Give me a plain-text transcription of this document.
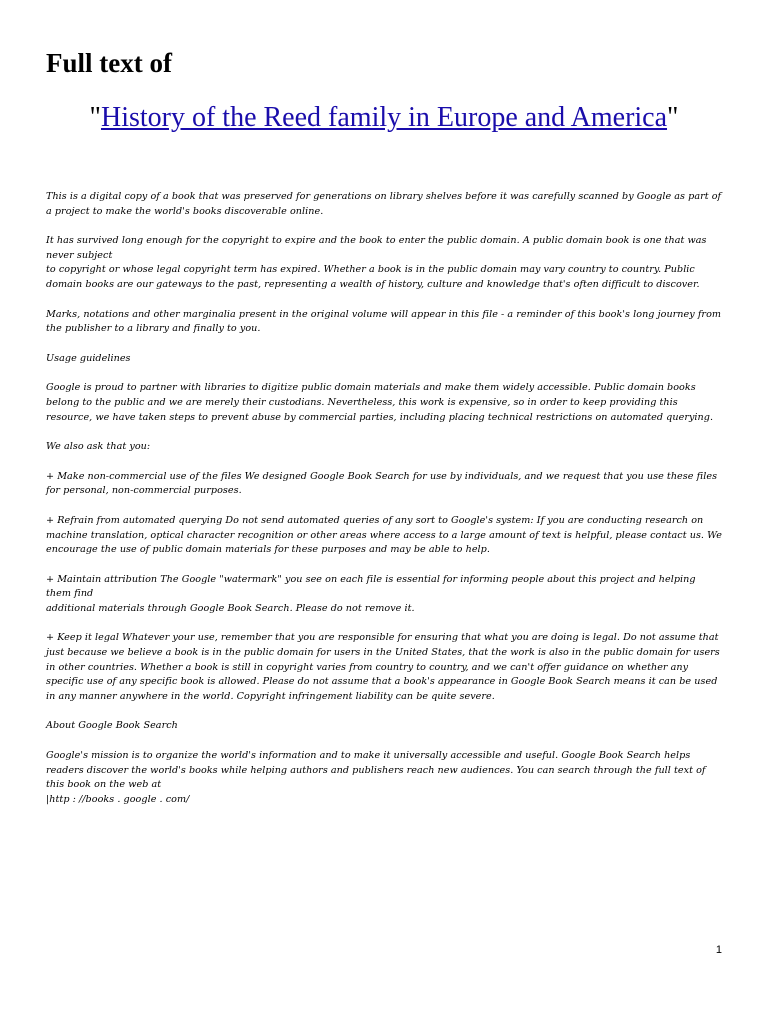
Full text of
"History of the Reed family in Europe and America"

This is a digital copy of a book that was preserved for generations on library shelves before it was carefully scanned by Google as part of a project to make the world's books discoverable online.

It has survived long enough for the copyright to expire and the book to enter the public domain. A public domain book is one that was never subject

to copyright or whose legal copyright term has expired. Whether a book is in the public domain may vary country to country. Public domain books are our gateways to the past, representing a wealth of history, culture and knowledge that's often difficult to discover.

Marks, notations and other marginalia present in the original volume will appear in this file - a reminder of this book's long journey from the publisher to a library and finally to you.

Usage guidelines

Google is proud to partner with libraries to digitize public domain materials and make them widely accessible. Public domain books belong to the public and we are merely their custodians. Nevertheless, this work is expensive, so in order to keep providing this resource, we have taken steps to prevent abuse by commercial parties, including placing technical restrictions on automated querying.

We also ask that you:

+ Make non-commercial use of the files We designed Google Book Search for use by individuals, and we request that you use these files for personal, non-commercial purposes.

+ Refrain from automated querying Do not send automated queries of any sort to Google's system: If you are conducting research on machine translation, optical character recognition or other areas where access to a large amount of text is helpful, please contact us. We encourage the use of public domain materials for these purposes and may be able to help.

+ Maintain attribution The Google "watermark" you see on each file is essential for informing people about this project and helping them find

additional materials through Google Book Search. Please do not remove it.

+ Keep it legal Whatever your use, remember that you are responsible for ensuring that what you are doing is legal. Do not assume that just because we believe a book is in the public domain for users in the United States, that the work is also in the public domain for users in other countries. Whether a book is still in copyright varies from country to country, and we can't offer guidance on whether any specific use of any specific book is allowed. Please do not assume that a book's appearance in Google Book Search means it can be used in any manner anywhere in the world. Copyright infringement liability can be quite severe.

About Google Book Search

Google's mission is to organize the world's information and to make it universally accessible and useful. Google Book Search helps readers discover the world's books while helping authors and publishers reach new audiences. You can search through the full text of this book on the web at

|http : //books . google . com/

1
